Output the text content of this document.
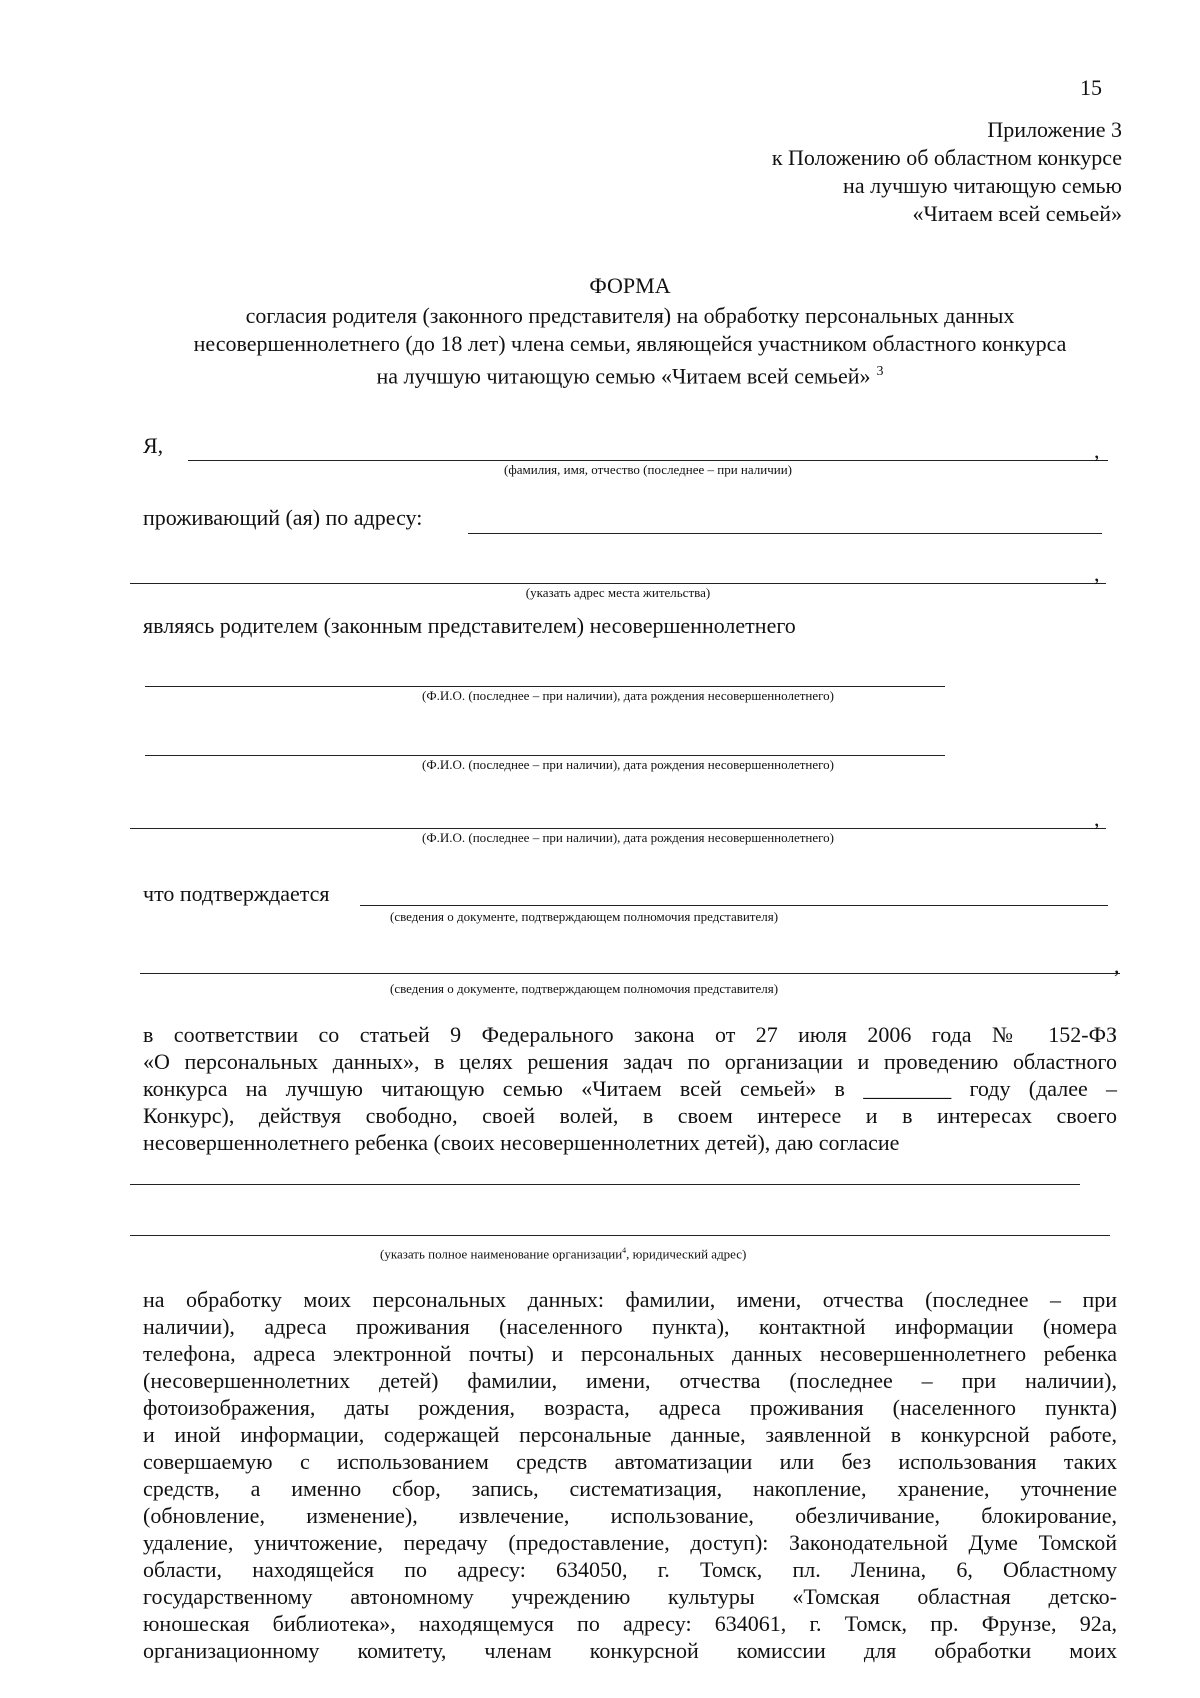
15
Приложение 3
к Положению об областном конкурсе
на лучшую читающую семью
«Читаем всей семьей»
ФОРМА
согласия родителя (законного представителя) на обработку персональных данных
несовершеннолетнего (до 18 лет) члена семьи, являющейся участником областного конкурса
на лучшую читающую семью «Читаем всей семьей» $^3$
Я,	,
(фамилия, имя, отчество (последнее – при наличии)
проживающий (ая) по адресу:
,
(указать адрес места жительства)
являясь родителем (законным представителем) несовершеннолетнего
(Ф.И.О. (последнее – при наличии), дата рождения несовершеннолетнего)
(Ф.И.О. (последнее – при наличии), дата рождения несовершеннолетнего)
,
(Ф.И.О. (последнее – при наличии), дата рождения несовершеннолетнего)
что подтверждается
(сведения о документе, подтверждающем полномочия представителя)
,
(сведения о документе, подтверждающем полномочия представителя)
в соответствии со статьей 9 Федерального закона от 27 июля 2006 года № 152-ФЗ
«О персональных данных», в целях решения задач по организации и проведению областного
конкурса на лучшую читающую семью «Читаем всей семьей» в ________ году (далее –
Конкурс), действуя свободно, своей волей, в своем интересе и в интересах своего
несовершеннолетнего ребенка (своих несовершеннолетних детей), даю согласие
(указать полное наименование организации$^4$, юридический адрес)
на обработку моих персональных данных: фамилии, имени, отчества (последнее – при
наличии), адреса проживания (населенного пункта), контактной информации (номера
телефона, адреса электронной почты) и персональных данных несовершеннолетнего ребенка
(несовершеннолетних детей) фамилии, имени, отчества (последнее – при наличии),
фотоизображения, даты рождения, возраста, адреса проживания (населенного пункта)
и иной информации, содержащей персональные данные, заявленной в конкурсной работе,
совершаемую с использованием средств автоматизации или без использования таких
средств, а именно сбор, запись, систематизация, накопление, хранение, уточнение
(обновление, изменение), извлечение, использование, обезличивание, блокирование,
удаление, уничтожение, передачу (предоставление, доступ): Законодательной Думе Томской
области, находящейся по адресу: 634050, г. Томск, пл. Ленина, 6, Областному
государственному автономному учреждению культуры «Томская областная детско-
юношеская библиотека», находящемуся по адресу: 634061, г. Томск, пр. Фрунзе, 92а,
организационному комитету, членам конкурсной комиссии для обработки моих
